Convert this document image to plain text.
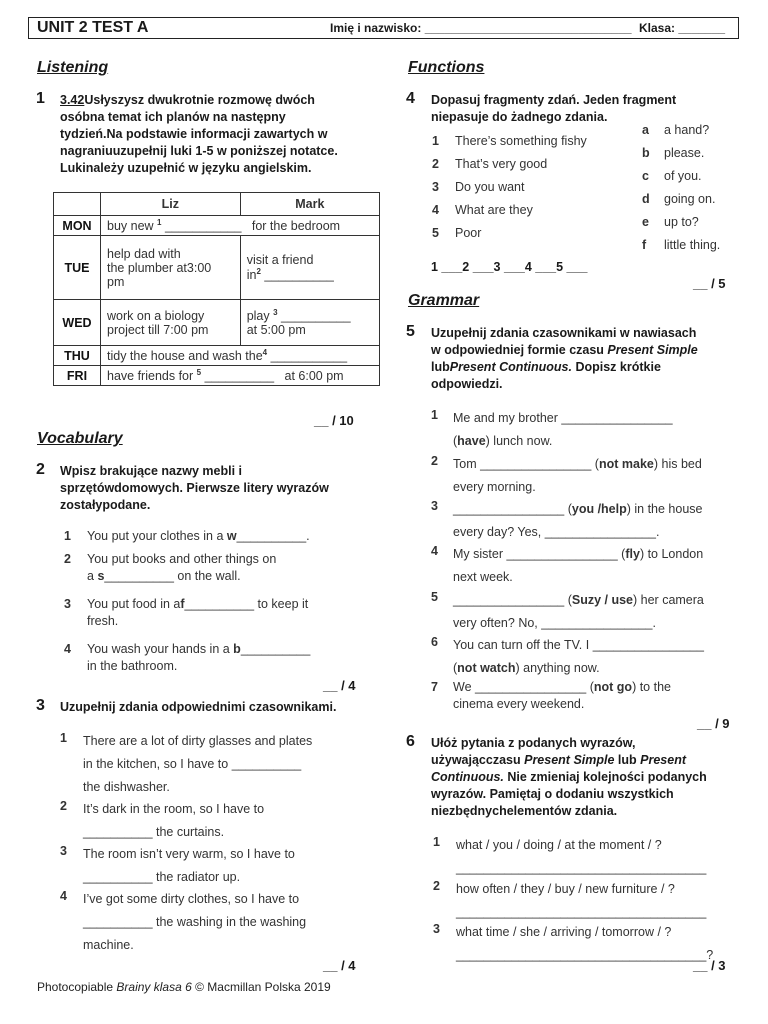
UNIT 2 TEST A	Imię i nazwisko: _______________________________ Klasa: _______
Listening
1 3.42Usłyszysz dwukrotnie rozmowę dwóch
osóbna temat ich planów na następny
tydzień.Na podstawie informacji zawartych w
nagraniuuzupełnij luki 1-5 w poniższej notatce.
Lukinależy uzupełnić w języku angielskim.
	Liz	Mark
MON	buy new $^1$ ___________   for the bedroom	
TUE	help dad with
the plumber at3:00
pm	visit a friend
$in^2$ __________
WED	work on a biology
project till 7:00 pm	play $^3$ __________
at 5:00 pm
THU	tidy the house and wash the$^4$ ___________	
FRI	have friends for $^5$ __________   at 6:00 pm	
__ / 10
Vocabulary
2 Wpisz brakujące nazwy mebli i
sprzętówdomowych. Pierwsze litery wyrazów
zostałypodane.
1 You put your clothes in a w__________.
2 You put books and other things on
a s__________ on the wall.
3 You put food in af__________ to keep it
fresh.
4 You wash your hands in a b__________
in the bathroom.
__ / 4
3 Uzupełnij zdania odpowiednimi czasownikami.
1 There are a lot of dirty glasses and plates
in the kitchen, so I have to __________
the dishwasher.
2 It’s dark in the room, so I have to
__________ the curtains.
3 The room isn’t very warm, so I have to
__________ the radiator up.
4 I’ve got some dirty clothes, so I have to
__________ the washing in the washing
machine.
__ / 4
Functions
4 Dopasuj fragmenty zdań. Jeden fragment
niepasuje do żadnego zdania.
1 There’s something fishy
2 That’s very good
3 Do you want
4 What are they
5 Poor
a a hand?
b please.
c of you.
d going on.
e up to?
f little thing.
1 ___2 ___3 ___4 ___5 ___
__ / 5
Grammar
5 Uzupełnij zdania czasownikami w nawiasach
w odpowiedniej formie czasu Present Simple
lubPresent Continuous. Dopisz krótkie
odpowiedzi.
1 Me and my brother ________________
(have) lunch now.
2 Tom ________________ (not make) his bed
every morning.
3 ________________ (you /help) in the house
every day? Yes, ________________.
4 My sister ________________ (fly) to London
next week.
5 ________________ (Suzy / use) her camera
very often? No, ________________.
6 You can turn off the TV. I ________________
(not watch) anything now.
7 We ________________ (not go) to the
cinema every weekend.
__ / 9
6 Ułóż pytania z podanych wyrazów,
używającczasu Present Simple lub Present
Continuous. Nie zmieniaj kolejności podanych
wyrazów. Pamiętaj o dodaniu wszystkich
niezbędnychelementów zdania.
1 what / you / doing / at the moment / ?
____________________________________
2 how often / they / buy / new furniture / ?
____________________________________
3 what time / she / arriving / tomorrow / ?
____________________________________?
__ / 3
Photocopiable Brainy klasa 6 © Macmillan Polska 2019
